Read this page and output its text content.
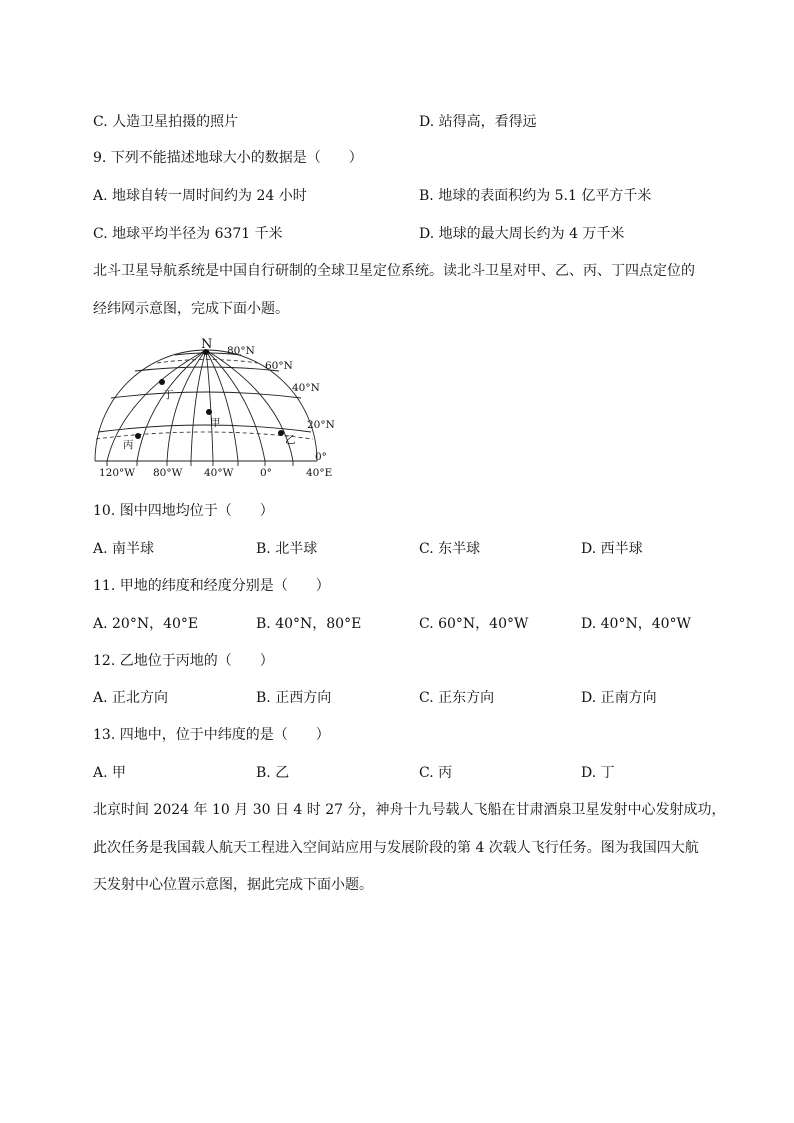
C. 人造卫星拍摄的照片	D. 站得高，看得远
9. 下列不能描述地球大小的数据是（　　）
A. 地球自转一周时间约为 24 小时	B. 地球的表面积约为 5.1 亿平方千米
C. 地球平均半径为 6371 千米	D. 地球的最大周长约为 4 万千米
北斗卫星导航系统是中国自行研制的全球卫星定位系统。读北斗卫星对甲、乙、丙、丁四点定位的
经纬网示意图，完成下面小题。
N
丁
甲
丙	乙
80°N
60°N
40°N
20°N
0°
120°W 80°W 40°W	0°	40°E
10. 图中四地均位于（　　）
A. 南半球	B. 北半球	C. 东半球	D. 西半球
11. 甲地的纬度和经度分别是（　　）
A. 20°N，40°E	B. 40°N，80°E	C. 60°N，40°W	D. 40°N，40°W
12. 乙地位于丙地的（　　）
A. 正北方向	B. 正西方向	C. 正东方向	D. 正南方向
13. 四地中，位于中纬度的是（　　）
A. 甲	B. 乙	C. 丙	D. 丁
北京时间 2024 年 10 月 30 日 4 时 27 分，神舟十九号载人飞船在甘肃酒泉卫星发射中心发射成功，
此次任务是我国载人航天工程进入空间站应用与发展阶段的第 4 次载人飞行任务。图为我国四大航
天发射中心位置示意图，据此完成下面小题。
